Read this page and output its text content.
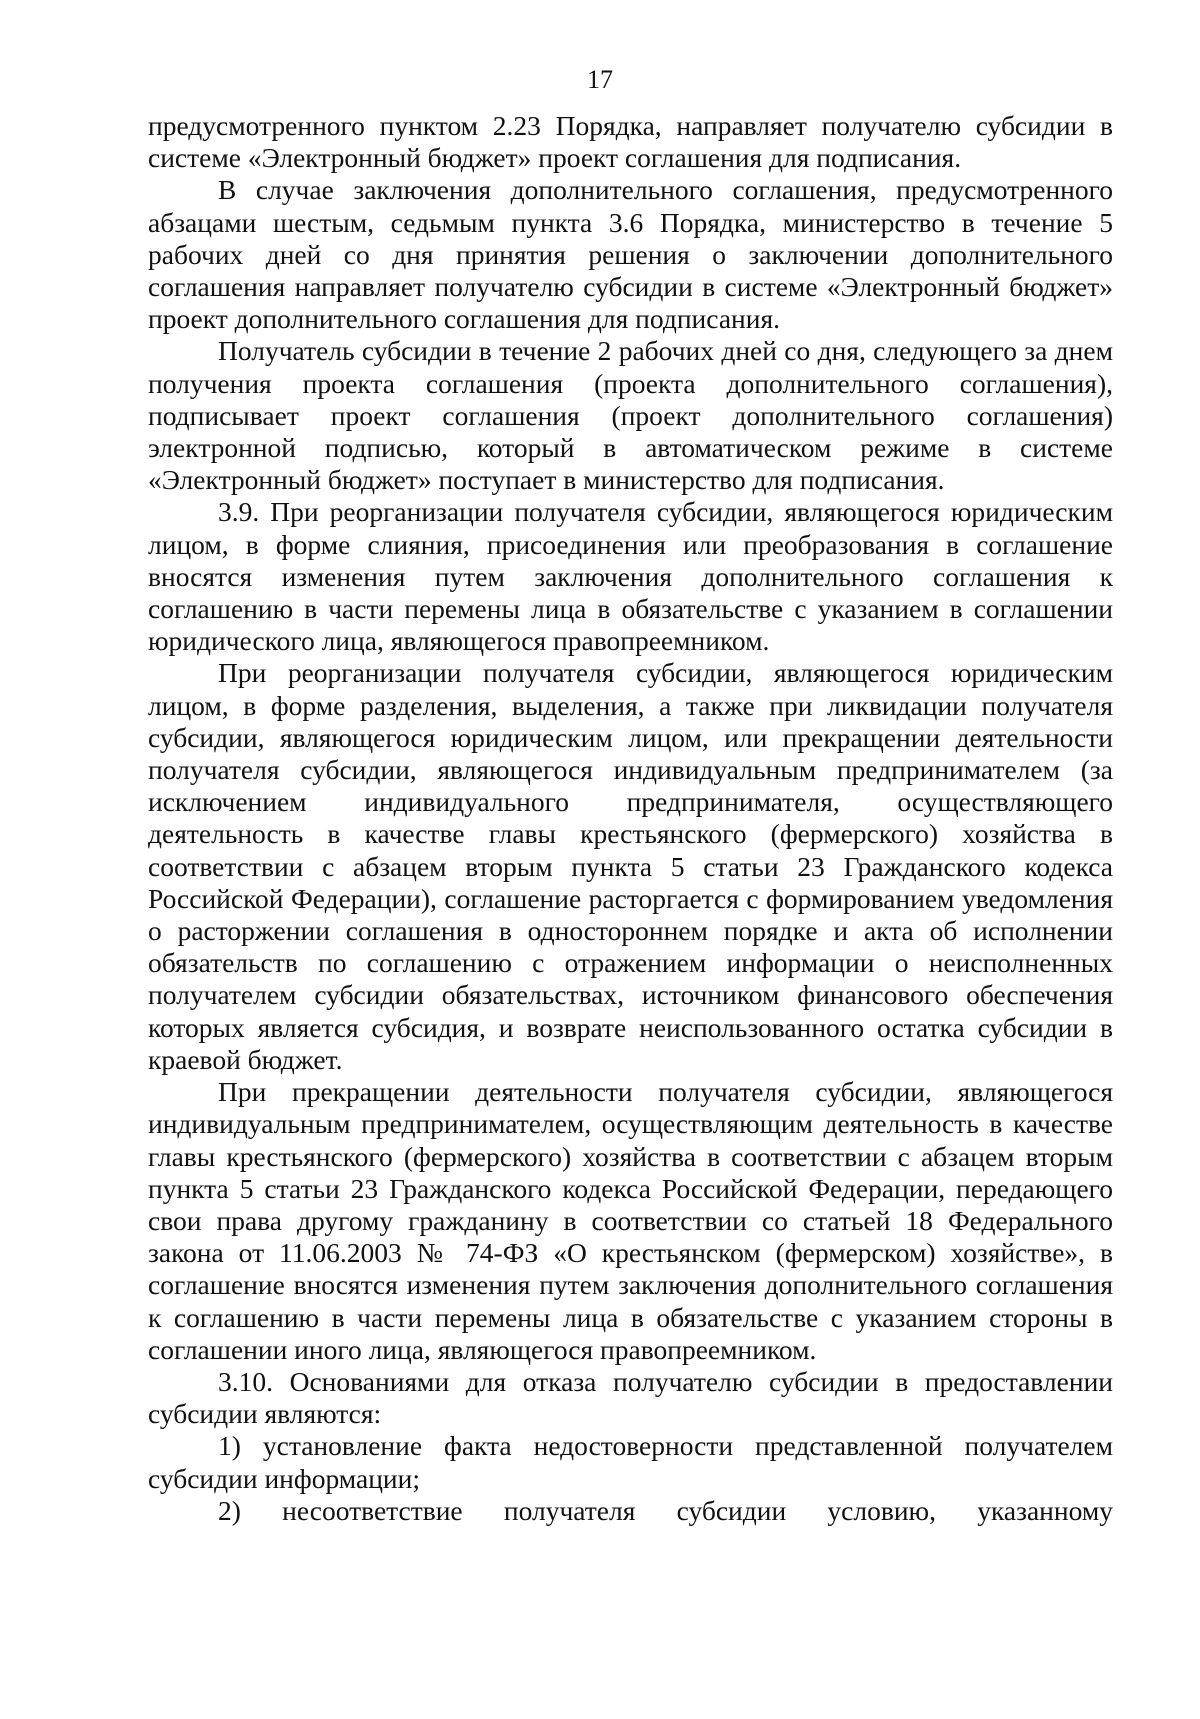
17

предусмотренного пунктом 2.23 Порядка, направляет получателю субсидии в системе «Электронный бюджет» проект соглашения для подписания.

В случае заключения дополнительного соглашения, предусмотренного абзацами шестым, седьмым пункта 3.6 Порядка, министерство в течение 5 рабочих дней со дня принятия решения о заключении дополнительного соглашения направляет получателю субсидии в системе «Электронный бюджет» проект дополнительного соглашения для подписания.

Получатель субсидии в течение 2 рабочих дней со дня, следующего за днем получения проекта соглашения (проекта дополнительного соглашения), подписывает проект соглашения (проект дополнительного соглашения) электронной подписью, который в автоматическом режиме в системе «Электронный бюджет» поступает в министерство для подписания.

3.9. При реорганизации получателя субсидии, являющегося юридическим лицом, в форме слияния, присоединения или преобразования в соглашение вносятся изменения путем заключения дополнительного соглашения к соглашению в части перемены лица в обязательстве с указанием в соглашении юридического лица, являющегося правопреемником.

При реорганизации получателя субсидии, являющегося юридическим лицом, в форме разделения, выделения, а также при ликвидации получателя субсидии, являющегося юридическим лицом, или прекращении деятельности получателя субсидии, являющегося индивидуальным предпринимателем (за исключением индивидуального предпринимателя, осуществляющего деятельность в качестве главы крестьянского (фермерского) хозяйства в соответствии с абзацем вторым пункта 5 статьи 23 Гражданского кодекса Российской Федерации), соглашение расторгается с формированием уведомления о расторжении соглашения в одностороннем порядке и акта об исполнении обязательств по соглашению с отражением информации о неисполненных получателем субсидии обязательствах, источником финансового обеспечения которых является субсидия, и возврате неиспользованного остатка субсидии в краевой бюджет.

При прекращении деятельности получателя субсидии, являющегося индивидуальным предпринимателем, осуществляющим деятельность в качестве главы крестьянского (фермерского) хозяйства в соответствии с абзацем вторым пункта 5 статьи 23 Гражданского кодекса Российской Федерации, передающего свои права другому гражданину в соответствии со статьей 18 Федерального закона от 11.06.2003 № 74-ФЗ «О крестьянском (фермерском) хозяйстве», в соглашение вносятся изменения путем заключения дополнительного соглашения к соглашению в части перемены лица в обязательстве с указанием стороны в соглашении иного лица, являющегося правопреемником.

3.10. Основаниями для отказа получателю субсидии в предоставлении субсидии являются:

1) установление факта недостоверности представленной получателем субсидии информации;

2) несоответствие получателя субсидии условию, указанному
